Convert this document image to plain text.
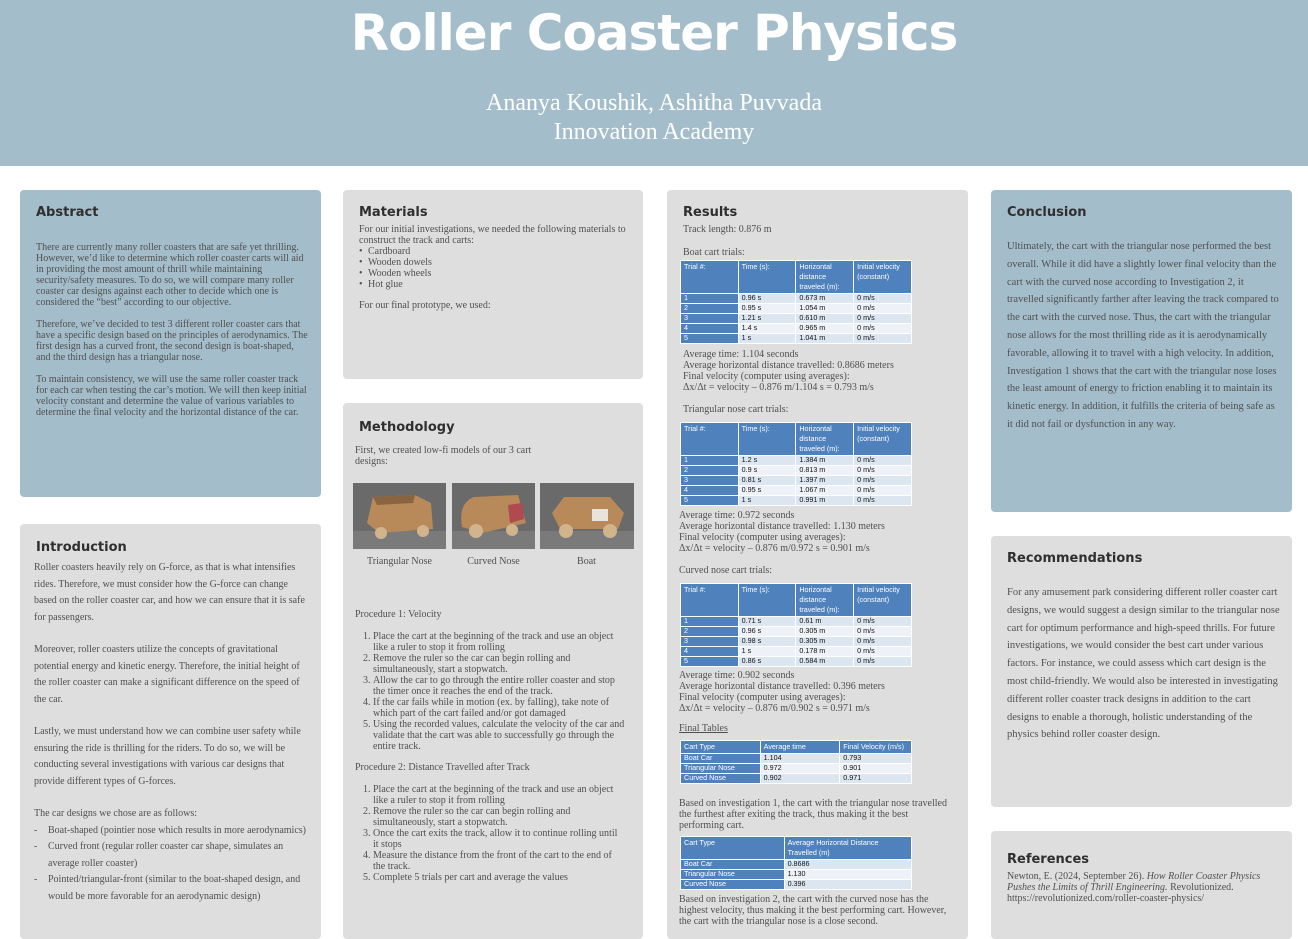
Roller Coaster Physics
Ananya Koushik, Ashitha Puvvada
Innovation Academy
Abstract
There are currently many roller coasters that are safe yet thrilling. However, we’d like to determine which roller coaster carts will aid in providing the most amount of thrill while maintaining security/safety measures. To do so, we will compare many roller coaster car designs against each other to decide which one is considered the “best” according to our objective.
Therefore, we’ve decided to test 3 different roller coaster cars that have a specific design based on the principles of aerodynamics. The first design has a curved front, the second design is boat-shaped, and the third design has a triangular nose.
To maintain consistency, we will use the same roller coaster track for each car when testing the car’s motion. We will then keep initial velocity constant and determine the value of various variables to determine the final velocity and the horizontal distance of the car.
Introduction
Roller coasters heavily rely on G-force, as that is what intensifies rides. Therefore, we must consider how the G-force can change based on the roller coaster car, and how we can ensure that it is safe for passengers.
Moreover, roller coasters utilize the concepts of gravitational potential energy and kinetic energy. Therefore, the initial height of the roller coaster can make a significant difference on the speed of the car.
Lastly, we must understand how we can combine user safety while ensuring the ride is thrilling for the riders. To do so, we will be conducting several investigations with various car designs that provide different types of G-forces.
The car designs we chose are as follows:
- Boat-shaped (pointier nose which results in more aerodynamics)
- Curved front (regular roller coaster car shape, simulates an average roller coaster)
- Pointed/triangular-front (similar to the boat-shaped design, and would be more favorable for an aerodynamic design)
Materials
For our initial investigations, we needed the following materials to construct the track and carts:
• Cardboard
• Wooden dowels
• Wooden wheels
• Hot glue
For our final prototype, we used:
Methodology
First, we created low-fi models of our 3 cart designs:
Triangular Nose	Curved Nose	Boat
Procedure 1: Velocity
1. Place the cart at the beginning of the track and use an object like a ruler to stop it from rolling
2. Remove the ruler so the car can begin rolling and simultaneously, start a stopwatch.
3. Allow the car to go through the entire roller coaster and stop the timer once it reaches the end of the track.
4. If the car fails while in motion (ex. by falling), take note of which part of the cart failed and/or got damaged
5. Using the recorded values, calculate the velocity of the car and validate that the cart was able to successfully go through the entire track.
Procedure 2: Distance Travelled after Track
1. Place the cart at the beginning of the track and use an object like a ruler to stop it from rolling
2. Remove the ruler so the car can begin rolling and simultaneously, start a stopwatch.
3. Once the cart exits the track, allow it to continue rolling until it stops
4. Measure the distance from the front of the cart to the end of the track.
5. Complete 5 trials per cart and average the values
Results
Track length: 0.876 m
Boat cart trials:
Trial #:	Time (s):	Horizontal distance traveled (m):	Initial velocity (constant)
1	0.96 s	0.673 m	0 m/s
2	0.95 s	1.054 m	0 m/s
3	1.21 s	0.610 m	0 m/s
4	1.4 s	0.965 m	0 m/s
5	1 s	1.041 m	0 m/s
Average time: 1.104 seconds
Average horizontal distance travelled: 0.8686 meters
Final velocity (computer using averages):
Δx/Δt = velocity – 0.876 m/1.104 s = 0.793 m/s
Triangular nose cart trials:
Trial #:	Time (s):	Horizontal distance traveled (m):	Initial velocity (constant)
1	1.2 s	1.384 m	0 m/s
2	0.9 s	0.813 m	0 m/s
3	0.81 s	1.397 m	0 m/s
4	0.95 s	1.067 m	0 m/s
5	1 s	0.991 m	0 m/s
Average time: 0.972 seconds
Average horizontal distance travelled: 1.130 meters
Final velocity (computer using averages):
Δx/Δt = velocity – 0.876 m/0.972 s = 0.901 m/s
Curved nose cart trials:
Trial #:	Time (s):	Horizontal distance traveled (m):	Initial velocity (constant)
1	0.71 s	0.61 m	0 m/s
2	0.96 s	0.305 m	0 m/s
3	0.98 s	0.305 m	0 m/s
4	1 s	0.178 m	0 m/s
5	0.86 s	0.584 m	0 m/s
Average time: 0.902 seconds
Average horizontal distance travelled: 0.396 meters
Final velocity (computer using averages):
Δx/Δt = velocity – 0.876 m/0.902 s = 0.971 m/s
Final Tables
Cart Type	Average time	Final Velocity (m/s)
Boat Car	1.104	0.793
Triangular Nose	0.972	0.901
Curved Nose	0.902	0.971
Based on investigation 1, the cart with the triangular nose travelled the furthest after exiting the track, thus making it the best performing cart.
Cart Type	Average Horizontal Distance Travelled (m)
Boat Car	0.8686
Triangular Nose	1.130
Curved Nose	0.396
Based on investigation 2, the cart with the curved nose has the highest velocity, thus making it the best performing cart. However, the cart with the triangular nose is a close second.
Conclusion
Ultimately, the cart with the triangular nose performed the best overall. While it did have a slightly lower final velocity than the cart with the curved nose according to Investigation 2, it travelled significantly farther after leaving the track compared to the cart with the curved nose. Thus, the cart with the triangular nose allows for the most thrilling ride as it is aerodynamically favorable, allowing it to travel with a high velocity. In addition, Investigation 1 shows that the cart with the triangular nose loses the least amount of energy to friction enabling it to maintain its kinetic energy. In addition, it fulfills the criteria of being safe as it did not fail or dysfunction in any way.
Recommendations
For any amusement park considering different roller coaster cart designs, we would suggest a design similar to the triangular nose cart for optimum performance and high-speed thrills. For future investigations, we would consider the best cart under various factors. For instance, we could assess which cart design is the most child-friendly. We would also be interested in investigating different roller coaster track designs in addition to the cart designs to enable a thorough, holistic understanding of the physics behind roller coaster design.
References
Newton, E. (2024, September 26). How Roller Coaster Physics Pushes the Limits of Thrill Engineering. Revolutionized. https://revolutionized.com/roller-coaster-physics/
